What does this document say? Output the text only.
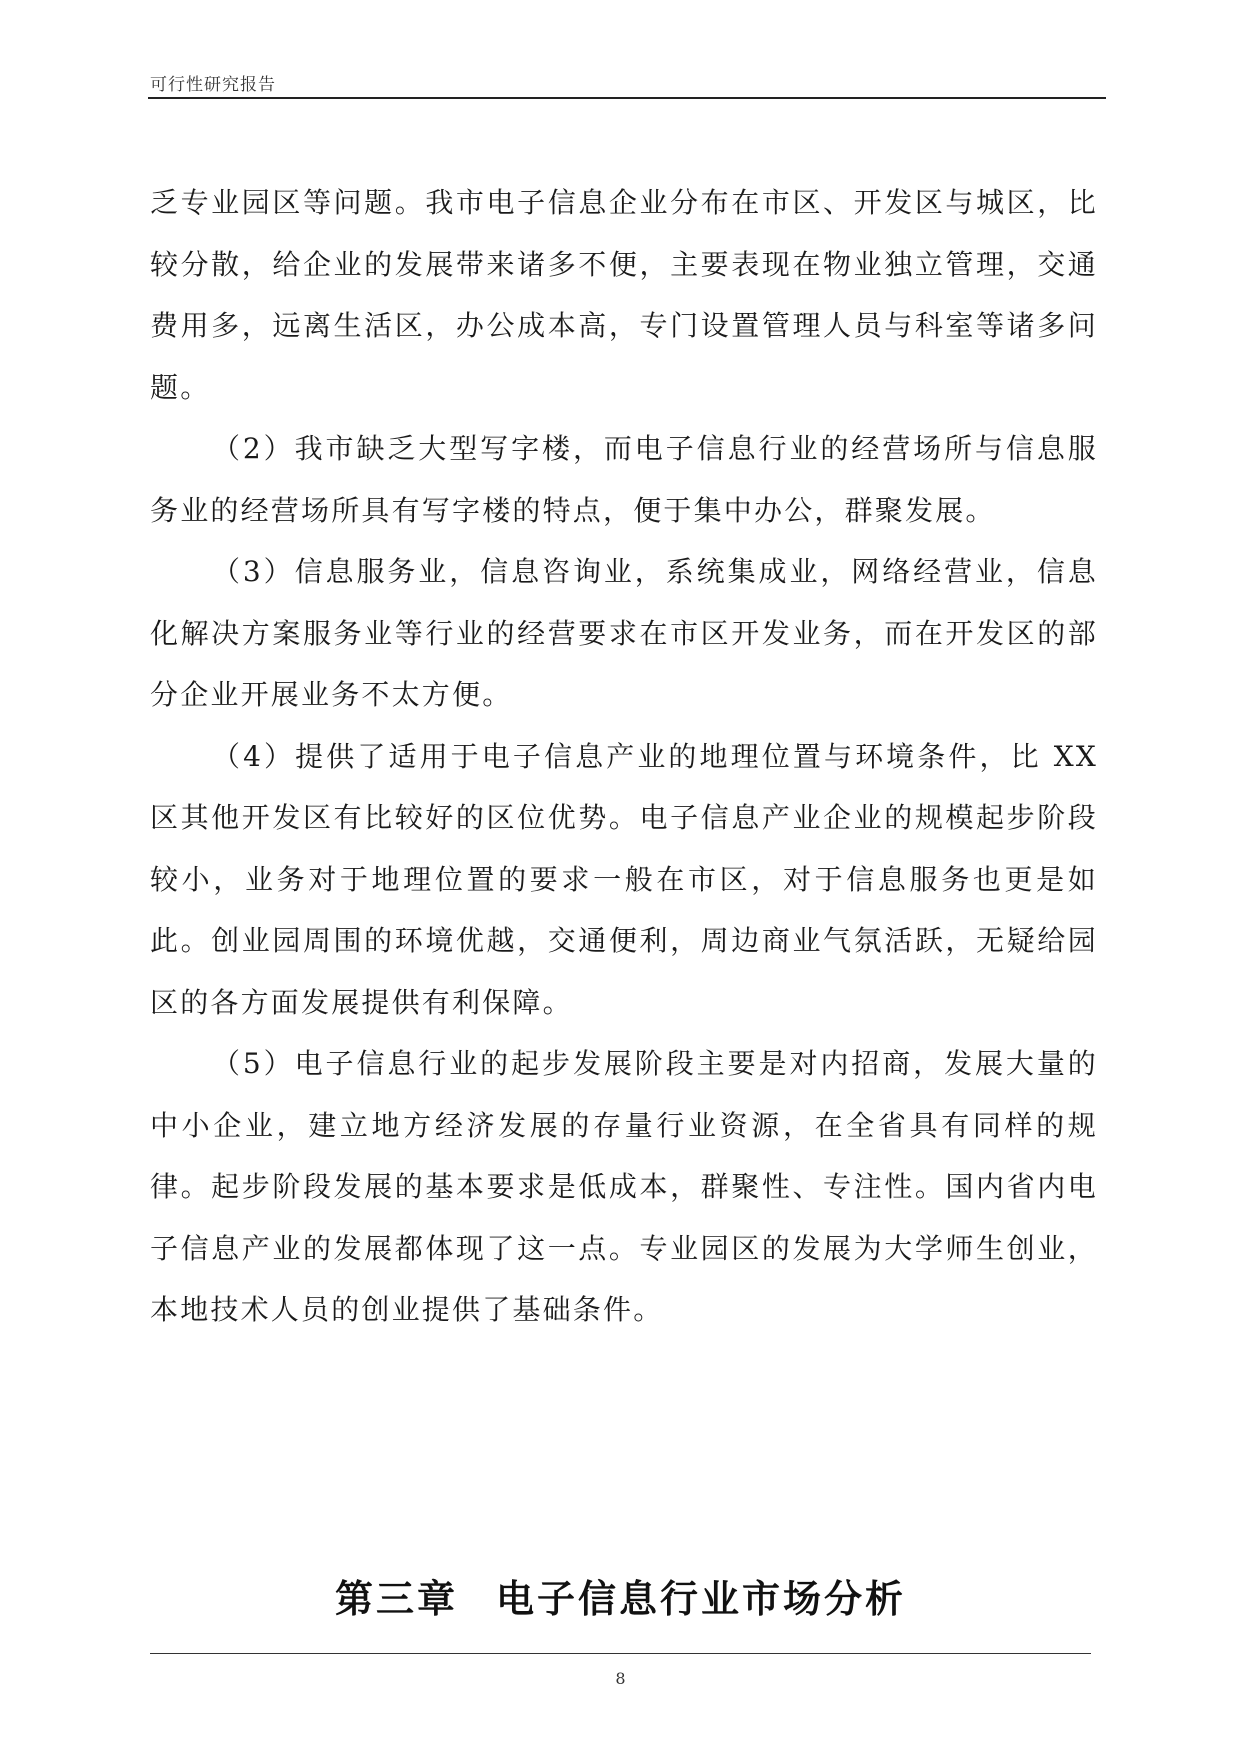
可行性研究报告

乏专业园区等问题。我市电子信息企业分布在市区、开发区与城区，比较分散，给企业的发展带来诸多不便，主要表现在物业独立管理，交通费用多，远离生活区，办公成本高，专门设置管理人员与科室等诸多问题。

（2）我市缺乏大型写字楼，而电子信息行业的经营场所与信息服务业的经营场所具有写字楼的特点，便于集中办公，群聚发展。

（3）信息服务业，信息咨询业，系统集成业，网络经营业，信息化解决方案服务业等行业的经营要求在市区开发业务，而在开发区的部分企业开展业务不太方便。

（4）提供了适用于电子信息产业的地理位置与环境条件，比 XX 区其他开发区有比较好的区位优势。电子信息产业企业的规模起步阶段较小，业务对于地理位置的要求一般在市区，对于信息服务也更是如此。创业园周围的环境优越，交通便利，周边商业气氛活跃，无疑给园区的各方面发展提供有利保障。

（5）电子信息行业的起步发展阶段主要是对内招商，发展大量的中小企业，建立地方经济发展的存量行业资源，在全省具有同样的规律。起步阶段发展的基本要求是低成本，群聚性、专注性。国内省内电子信息产业的发展都体现了这一点。专业园区的发展为大学师生创业，本地技术人员的创业提供了基础条件。

第三章 电子信息行业市场分析
8
